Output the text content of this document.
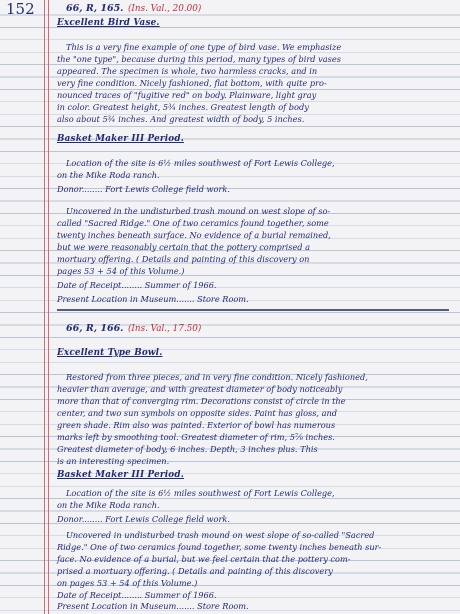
152	66, R, 165. (Ins. Val., 20.00)
Excellent Bird Vase.
This is a very fine example of one type of bird vase. We emphasize
the "one type", because during this period, many types of bird vases
appeared. The specimen is whole, two harmless cracks, and in
very fine condition. Nicely fashioned, flat bottom, with quite pro-
nounced traces of "fugitive red" on body. Plainware, light gray
in color. Greatest height, 5¾ inches. Greatest length of body
also about 5¾ inches. And greatest width of body, 5 inches.
Basket Maker III Period.
Location of the site is 6½ miles southwest of Fort Lewis College,
on the Mike Roda ranch.
Donor........ Fort Lewis College field work.
Uncovered in the undisturbed trash mound on west slope of so-
called "Sacred Ridge." One of two ceramics found together, some
twenty inches beneath surface. No evidence of a burial remained,
but we were reasonably certain that the pottery comprised a
mortuary offering. ( Details and painting of this discovery on
pages 53 + 54 of this Volume.)
Date of Receipt........ Summer of 1966.
Present Location in Museum....... Store Room.
66, R, 166. (Ins. Val., 17.50)
Excellent Type Bowl.
Restored from three pieces, and in very fine condition. Nicely fashioned,
heavier than average, and with greatest diameter of body noticeably
more than that of converging rim. Decorations consist of circle in the
center, and two sun symbols on opposite sides. Paint has gloss, and
green shade. Rim also was painted. Exterior of bowl has numerous
marks left by smoothing tool. Greatest diameter of rim, 5⅞ inches.
Greatest diameter of body, 6 inches. Depth, 3 inches plus. This
is an interesting specimen.
Basket Maker III Period.
Location of the site is 6½ miles southwest of Fort Lewis College,
on the Mike Roda ranch.
Donor........ Fort Lewis College field work.
Uncovered in undisturbed trash mound on west slope of so-called "Sacred
Ridge." One of two ceramics found together, some twenty inches beneath sur-
face. No evidence of a burial, but we feel certain that the pottery com-
prised a mortuary offering. ( Details and painting of this discovery
on pages 53 + 54 of this Volume.)
Date of Receipt........ Summer of 1966.
Present Location in Museum....... Store Room.
